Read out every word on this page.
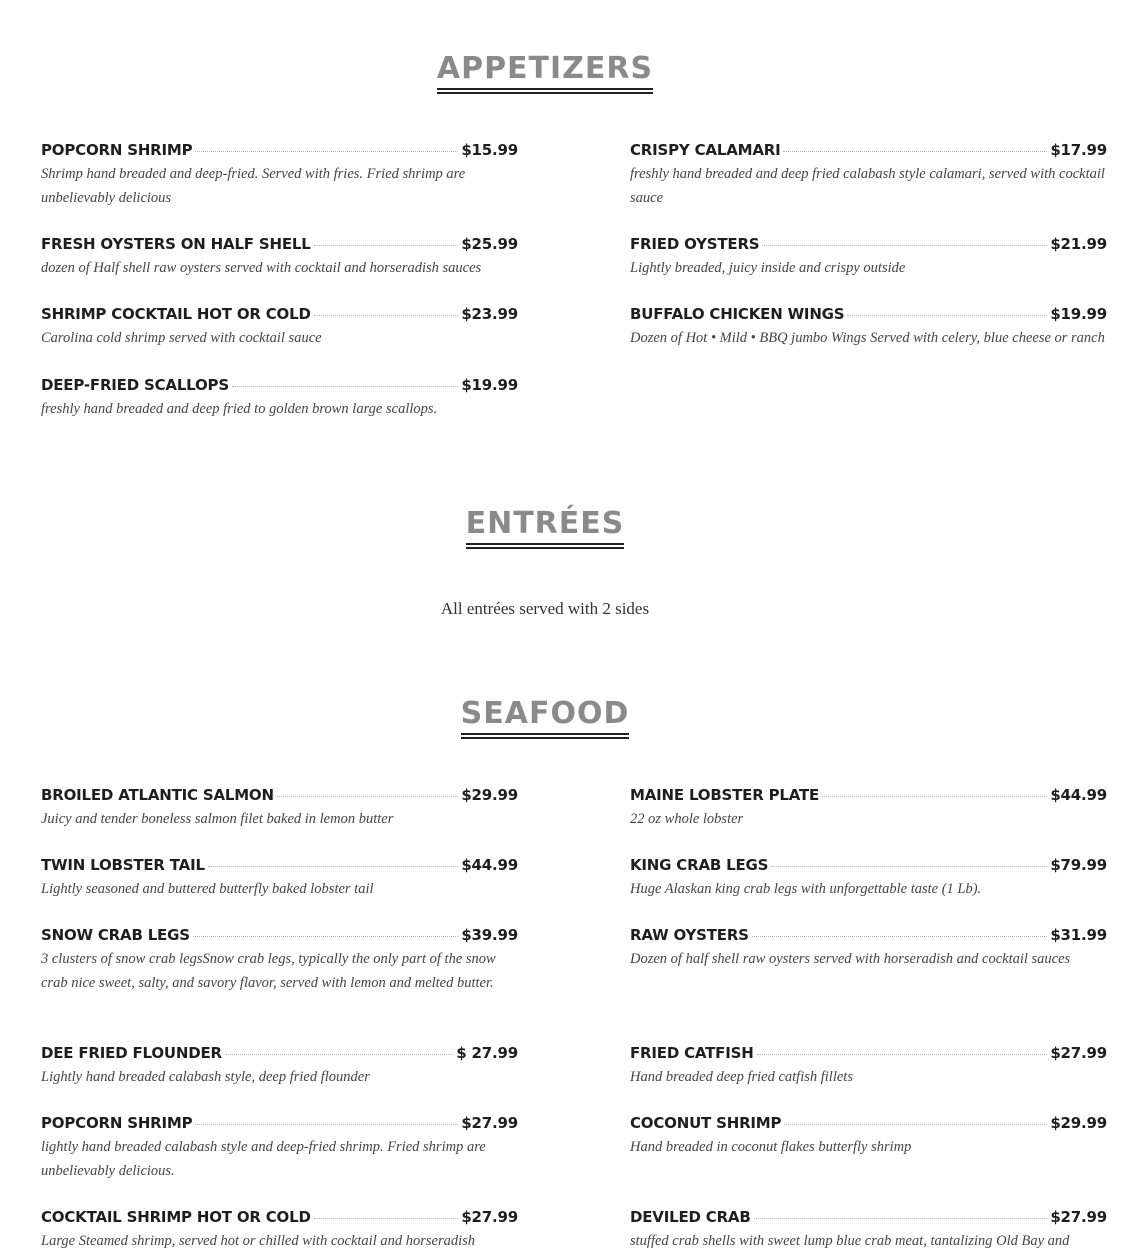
APPETIZERS
POPCORN SHRIMP	$15.99
Shrimp hand breaded and deep-fried. Served with fries. Fried shrimp are unbelievably delicious
FRESH OYSTERS ON HALF SHELL	$25.99
dozen of Half shell raw oysters served with cocktail and horseradish sauces
SHRIMP COCKTAIL HOT OR COLD	$23.99
Carolina cold shrimp served with cocktail sauce
DEEP-FRIED SCALLOPS	$19.99
freshly hand breaded and deep fried to golden brown large scallops.
CRISPY CALAMARI	$17.99
freshly hand breaded and deep fried calabash style calamari, served with cocktail sauce
FRIED OYSTERS	$21.99
Lightly breaded, juicy inside and crispy outside
BUFFALO CHICKEN WINGS	$19.99
Dozen of Hot • Mild • BBQ jumbo Wings Served with celery, blue cheese or ranch
ENTRÉES
All entrées served with 2 sides
SEAFOOD
BROILED ATLANTIC SALMON	$29.99
Juicy and tender boneless salmon filet baked in lemon butter
TWIN LOBSTER TAIL	$44.99
Lightly seasoned and buttered butterfly baked lobster tail
SNOW CRAB LEGS	$39.99
3 clusters of snow crab legsSnow crab legs, typically the only part of the snow crab nice sweet, salty, and savory flavor, served with lemon and melted butter.
DEE FRIED FLOUNDER	$ 27.99
Lightly hand breaded calabash style, deep fried flounder
POPCORN SHRIMP	$27.99
lightly hand breaded calabash style and deep-fried shrimp. Fried shrimp are unbelievably delicious.
COCKTAIL SHRIMP HOT OR COLD	$27.99
Large Steamed shrimp, served hot or chilled with cocktail and horseradish
MAINE LOBSTER PLATE	$44.99
22 oz whole lobster
KING CRAB LEGS	$79.99
Huge Alaskan king crab legs with unforgettable taste (1 Lb).
RAW OYSTERS	$31.99
Dozen of half shell raw oysters served with horseradish and cocktail sauces
FRIED CATFISH	$27.99
Hand breaded deep fried catfish fillets
COCONUT SHRIMP	$29.99
Hand breaded in coconut flakes butterfly shrimp
DEVILED CRAB	$27.99
stuffed crab shells with sweet lump blue crab meat, tantalizing Old Bay and
